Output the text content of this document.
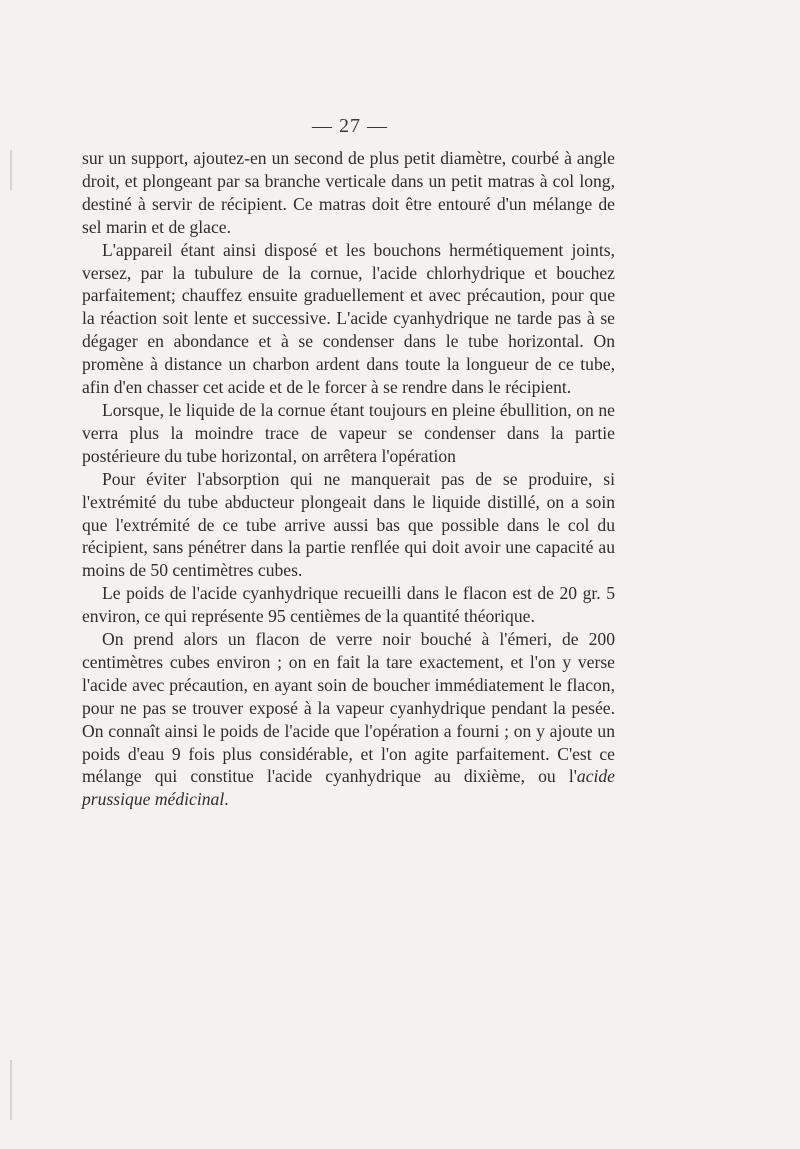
— 27 —

sur un support, ajoutez-en un second de plus petit diamètre, courbé à angle droit, et plongeant par sa branche verticale dans un petit matras à col long, destiné à servir de récipient. Ce matras doit être entouré d'un mélange de sel marin et de glace.

L'appareil étant ainsi disposé et les bouchons hermétiquement joints, versez, par la tubulure de la cornue, l'acide chlorhydrique et bouchez parfaitement; chauffez ensuite graduellement et avec précaution, pour que la réaction soit lente et successive. L'acide cyanhydrique ne tarde pas à se dégager en abondance et à se condenser dans le tube horizontal. On promène à distance un charbon ardent dans toute la longueur de ce tube, afin d'en chasser cet acide et de le forcer à se rendre dans le récipient.

Lorsque, le liquide de la cornue étant toujours en pleine ébullition, on ne verra plus la moindre trace de vapeur se condenser dans la partie postérieure du tube horizontal, on arrêtera l'opération

Pour éviter l'absorption qui ne manquerait pas de se produire, si l'extrémité du tube abducteur plongeait dans le liquide distillé, on a soin que l'extrémité de ce tube arrive aussi bas que possible dans le col du récipient, sans pénétrer dans la partie renflée qui doit avoir une capacité au moins de 50 centimètres cubes.

Le poids de l'acide cyanhydrique recueilli dans le flacon est de 20 gr. 5 environ, ce qui représente 95 centièmes de la quantité théorique.

On prend alors un flacon de verre noir bouché à l'émeri, de 200 centimètres cubes environ ; on en fait la tare exactement, et l'on y verse l'acide avec précaution, en ayant soin de boucher immédiatement le flacon, pour ne pas se trouver exposé à la vapeur cyanhydrique pendant la pesée. On connaît ainsi le poids de l'acide que l'opération a fourni ; on y ajoute un poids d'eau 9 fois plus considérable, et l'on agite parfaitement. C'est ce mélange qui constitue l'acide cyanhydrique au dixième, ou l'acide prussique médicinal.
